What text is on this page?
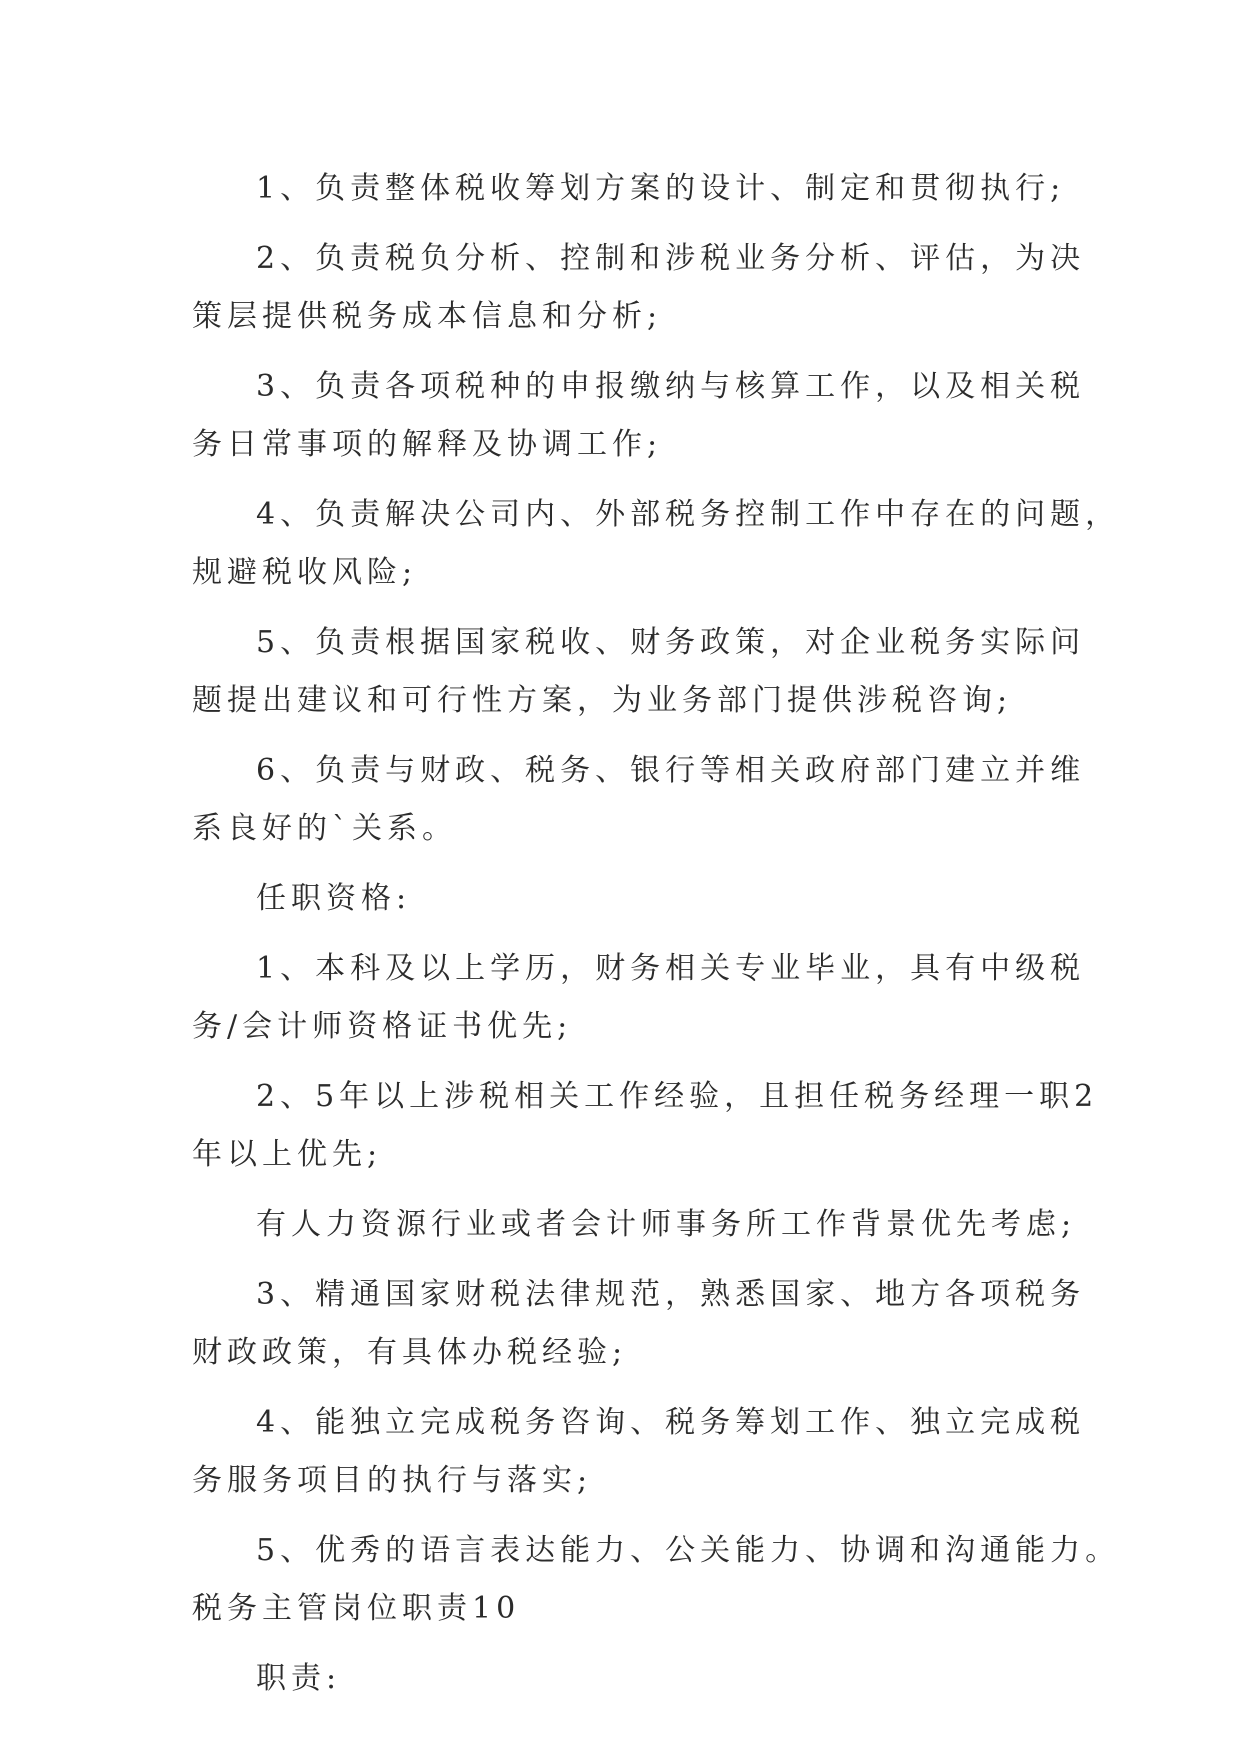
1、负责整体税收筹划方案的设计、制定和贯彻执行;
2、负责税负分析、控制和涉税业务分析、评估，为决
策层提供税务成本信息和分析;
3、负责各项税种的申报缴纳与核算工作，以及相关税
务日常事项的解释及协调工作;
4、负责解决公司内、外部税务控制工作中存在的问题，
规避税收风险;
5、负责根据国家税收、财务政策，对企业税务实际问
题提出建议和可行性方案，为业务部门提供涉税咨询;
6、负责与财政、税务、银行等相关政府部门建立并维
系良好的`关系。
任职资格:
1、本科及以上学历，财务相关专业毕业，具有中级税
务/会计师资格证书优先;
2、5年以上涉税相关工作经验，且担任税务经理一职2
年以上优先;
有人力资源行业或者会计师事务所工作背景优先考虑;
3、精通国家财税法律规范，熟悉国家、地方各项税务
财政政策，有具体办税经验;
4、能独立完成税务咨询、税务筹划工作、独立完成税
务服务项目的执行与落实;
5、优秀的语言表达能力、公关能力、协调和沟通能力。
税务主管岗位职责10
职责:
